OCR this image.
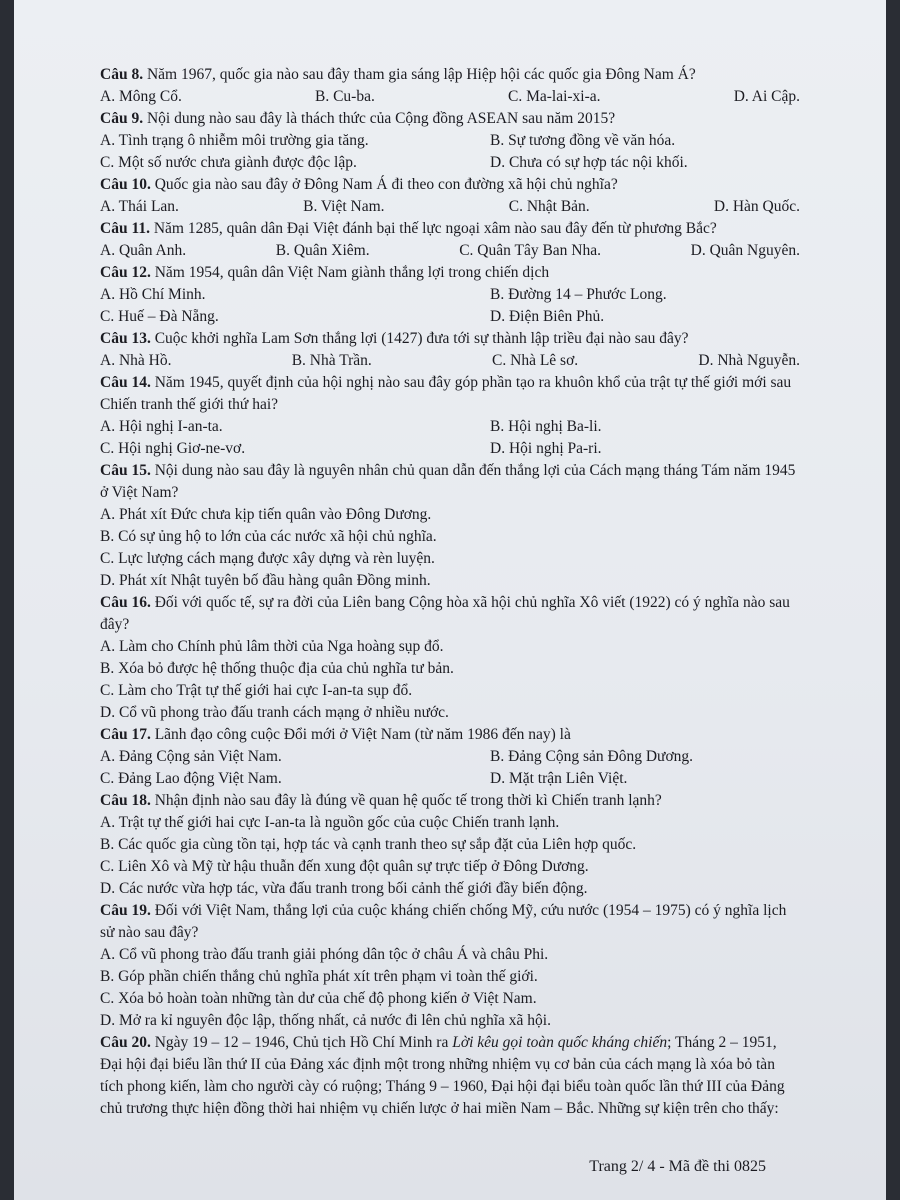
Câu 8. Năm 1967, quốc gia nào sau đây tham gia sáng lập Hiệp hội các quốc gia Đông Nam Á?

A. Mông Cổ.	B. Cu-ba.	C. Ma-lai-xi-a.	D. Ai Cập.

Câu 9. Nội dung nào sau đây là thách thức của Cộng đồng ASEAN sau năm 2015?

A. Tình trạng ô nhiễm môi trường gia tăng.	B. Sự tương đồng về văn hóa.
C. Một số nước chưa giành được độc lập.	D. Chưa có sự hợp tác nội khối.

Câu 10. Quốc gia nào sau đây ở Đông Nam Á đi theo con đường xã hội chủ nghĩa?

A. Thái Lan.	B. Việt Nam.	C. Nhật Bản.	D. Hàn Quốc.

Câu 11. Năm 1285, quân dân Đại Việt đánh bại thế lực ngoại xâm nào sau đây đến từ phương Bắc?

A. Quân Anh.	B. Quân Xiêm.	C. Quân Tây Ban Nha.	D. Quân Nguyên.

Câu 12. Năm 1954, quân dân Việt Nam giành thắng lợi trong chiến dịch

A. Hồ Chí Minh.	B. Đường 14 – Phước Long.
C. Huế – Đà Nẵng.	D. Điện Biên Phủ.

Câu 13. Cuộc khởi nghĩa Lam Sơn thắng lợi (1427) đưa tới sự thành lập triều đại nào sau đây?

A. Nhà Hồ.	B. Nhà Trần.	C. Nhà Lê sơ.	D. Nhà Nguyễn.

Câu 14. Năm 1945, quyết định của hội nghị nào sau đây góp phần tạo ra khuôn khổ của trật tự thế giới mới sau Chiến tranh thế giới thứ hai?

A. Hội nghị I-an-ta.	B. Hội nghị Ba-li.
C. Hội nghị Giơ-ne-vơ.	D. Hội nghị Pa-ri.

Câu 15. Nội dung nào sau đây là nguyên nhân chủ quan dẫn đến thắng lợi của Cách mạng tháng Tám năm 1945 ở Việt Nam?

A. Phát xít Đức chưa kịp tiến quân vào Đông Dương.

B. Có sự ủng hộ to lớn của các nước xã hội chủ nghĩa.

C. Lực lượng cách mạng được xây dựng và rèn luyện.

D. Phát xít Nhật tuyên bố đầu hàng quân Đồng minh.

Câu 16. Đối với quốc tế, sự ra đời của Liên bang Cộng hòa xã hội chủ nghĩa Xô viết (1922) có ý nghĩa nào sau đây?

A. Làm cho Chính phủ lâm thời của Nga hoàng sụp đổ.

B. Xóa bỏ được hệ thống thuộc địa của chủ nghĩa tư bản.

C. Làm cho Trật tự thế giới hai cực I-an-ta sụp đổ.

D. Cổ vũ phong trào đấu tranh cách mạng ở nhiều nước.

Câu 17. Lãnh đạo công cuộc Đổi mới ở Việt Nam (từ năm 1986 đến nay) là

A. Đảng Cộng sản Việt Nam.	B. Đảng Cộng sản Đông Dương.
C. Đảng Lao động Việt Nam.	D. Mặt trận Liên Việt.

Câu 18. Nhận định nào sau đây là đúng về quan hệ quốc tế trong thời kì Chiến tranh lạnh?

A. Trật tự thế giới hai cực I-an-ta là nguồn gốc của cuộc Chiến tranh lạnh.

B. Các quốc gia cùng tồn tại, hợp tác và cạnh tranh theo sự sắp đặt của Liên hợp quốc.

C. Liên Xô và Mỹ từ hậu thuẫn đến xung đột quân sự trực tiếp ở Đông Dương.

D. Các nước vừa hợp tác, vừa đấu tranh trong bối cảnh thế giới đầy biến động.

Câu 19. Đối với Việt Nam, thắng lợi của cuộc kháng chiến chống Mỹ, cứu nước (1954 – 1975) có ý nghĩa lịch sử nào sau đây?

A. Cổ vũ phong trào đấu tranh giải phóng dân tộc ở châu Á và châu Phi.

B. Góp phần chiến thắng chủ nghĩa phát xít trên phạm vi toàn thế giới.

C. Xóa bỏ hoàn toàn những tàn dư của chế độ phong kiến ở Việt Nam.

D. Mở ra kỉ nguyên độc lập, thống nhất, cả nước đi lên chủ nghĩa xã hội.

Câu 20. Ngày 19 – 12 – 1946, Chủ tịch Hồ Chí Minh ra Lời kêu gọi toàn quốc kháng chiến; Tháng 2 – 1951, Đại hội đại biểu lần thứ II của Đảng xác định một trong những nhiệm vụ cơ bản của cách mạng là xóa bỏ tàn tích phong kiến, làm cho người cày có ruộng; Tháng 9 – 1960, Đại hội đại biểu toàn quốc lần thứ III của Đảng chủ trương thực hiện đồng thời hai nhiệm vụ chiến lược ở hai miền Nam – Bắc. Những sự kiện trên cho thấy:

Trang 2/ 4 - Mã đề thi 0825
